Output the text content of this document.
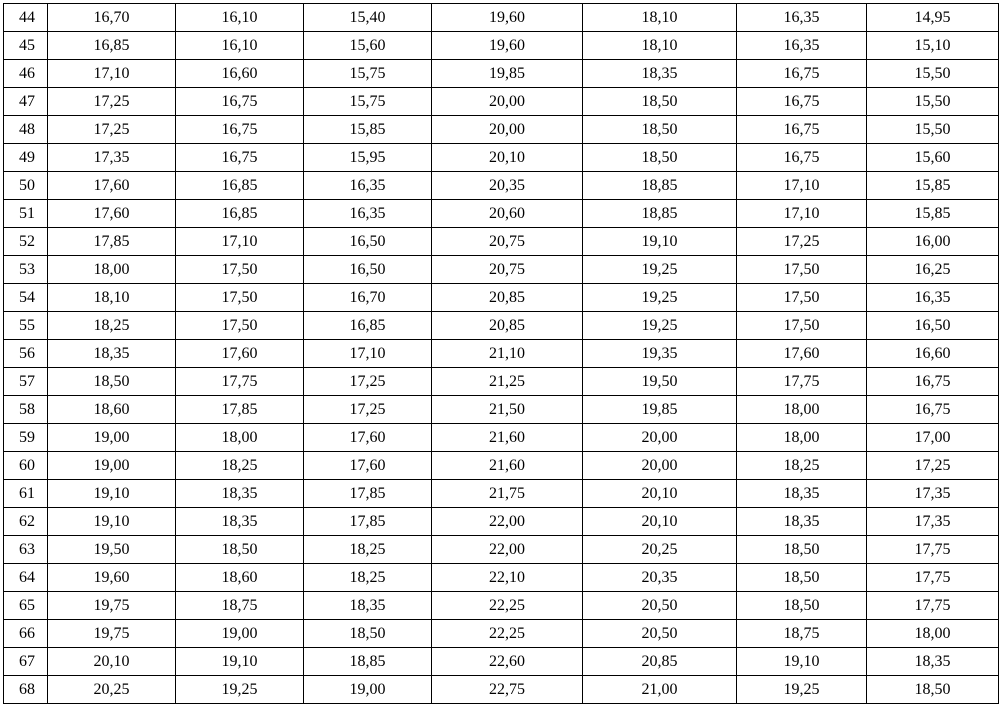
44	16,70	16,10	15,40	19,60	18,10	16,35	14,95
45	16,85	16,10	15,60	19,60	18,10	16,35	15,10
46	17,10	16,60	15,75	19,85	18,35	16,75	15,50
47	17,25	16,75	15,75	20,00	18,50	16,75	15,50
48	17,25	16,75	15,85	20,00	18,50	16,75	15,50
49	17,35	16,75	15,95	20,10	18,50	16,75	15,60
50	17,60	16,85	16,35	20,35	18,85	17,10	15,85
51	17,60	16,85	16,35	20,60	18,85	17,10	15,85
52	17,85	17,10	16,50	20,75	19,10	17,25	16,00
53	18,00	17,50	16,50	20,75	19,25	17,50	16,25
54	18,10	17,50	16,70	20,85	19,25	17,50	16,35
55	18,25	17,50	16,85	20,85	19,25	17,50	16,50
56	18,35	17,60	17,10	21,10	19,35	17,60	16,60
57	18,50	17,75	17,25	21,25	19,50	17,75	16,75
58	18,60	17,85	17,25	21,50	19,85	18,00	16,75
59	19,00	18,00	17,60	21,60	20,00	18,00	17,00
60	19,00	18,25	17,60	21,60	20,00	18,25	17,25
61	19,10	18,35	17,85	21,75	20,10	18,35	17,35
62	19,10	18,35	17,85	22,00	20,10	18,35	17,35
63	19,50	18,50	18,25	22,00	20,25	18,50	17,75
64	19,60	18,60	18,25	22,10	20,35	18,50	17,75
65	19,75	18,75	18,35	22,25	20,50	18,50	17,75
66	19,75	19,00	18,50	22,25	20,50	18,75	18,00
67	20,10	19,10	18,85	22,60	20,85	19,10	18,35
68	20,25	19,25	19,00	22,75	21,00	19,25	18,50
